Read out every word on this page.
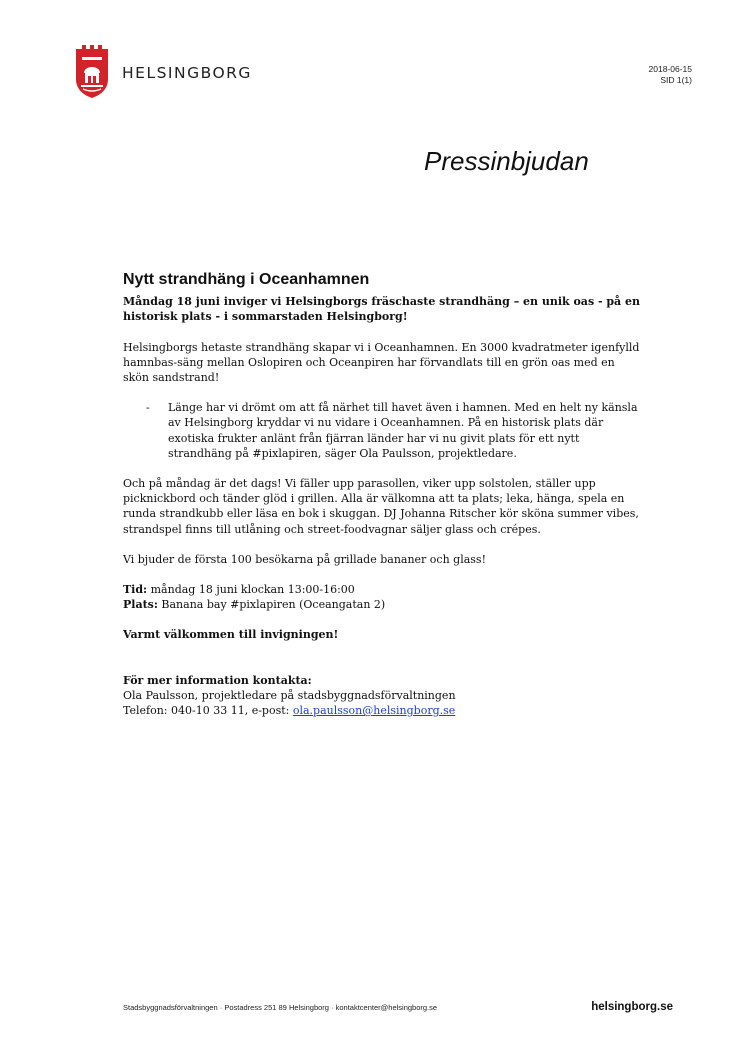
HELSINGBORG	2018-06-15
SID 1(1)
Pressinbjudan
Nytt strandhäng i Oceanhamnen

Måndag 18 juni inviger vi Helsingborgs fräschaste strandhäng – en unik oas - på en historisk plats - i sommarstaden Helsingborg!

Helsingborgs hetaste strandhäng skapar vi i Oceanhamnen. En 3000 kvadratmeter igenfylld hamnbas-säng mellan Oslopiren och Oceanpiren har förvandlats till en grön oas med en skön sandstrand!

-	Länge har vi drömt om att få närhet till havet även i hamnen. Med en helt ny känsla av Helsingborg kryddar vi nu vidare i Oceanhamnen. På en historisk plats där exotiska frukter anlänt från fjärran länder har vi nu givit plats för ett nytt strandhäng på #pixlapiren, säger Ola Paulsson, projektledare.

Och på måndag är det dags! Vi fäller upp parasollen, viker upp solstolen, ställer upp picknickbord och tänder glöd i grillen. Alla är välkomna att ta plats; leka, hänga, spela en runda strandkubb eller läsa en bok i skuggan. DJ Johanna Ritscher kör sköna summer vibes, strandspel finns till utlåning och street-foodvagnar säljer glass och crépes.

Vi bjuder de första 100 besökarna på grillade bananer och glass!

Tid: måndag 18 juni klockan 13:00-16:00
Plats: Banana bay #pixlapiren (Oceangatan 2)

Varmt välkommen till invigningen!

För mer information kontakta:
Ola Paulsson, projektledare på stadsbyggnadsförvaltningen
Telefon: 040-10 33 11, e-post: ola.paulsson@helsingborg.se
Stadsbyggnadsförvaltningen · Postadress 251 89 Helsingborg · kontaktcenter@helsingborg.se	helsingborg.se
